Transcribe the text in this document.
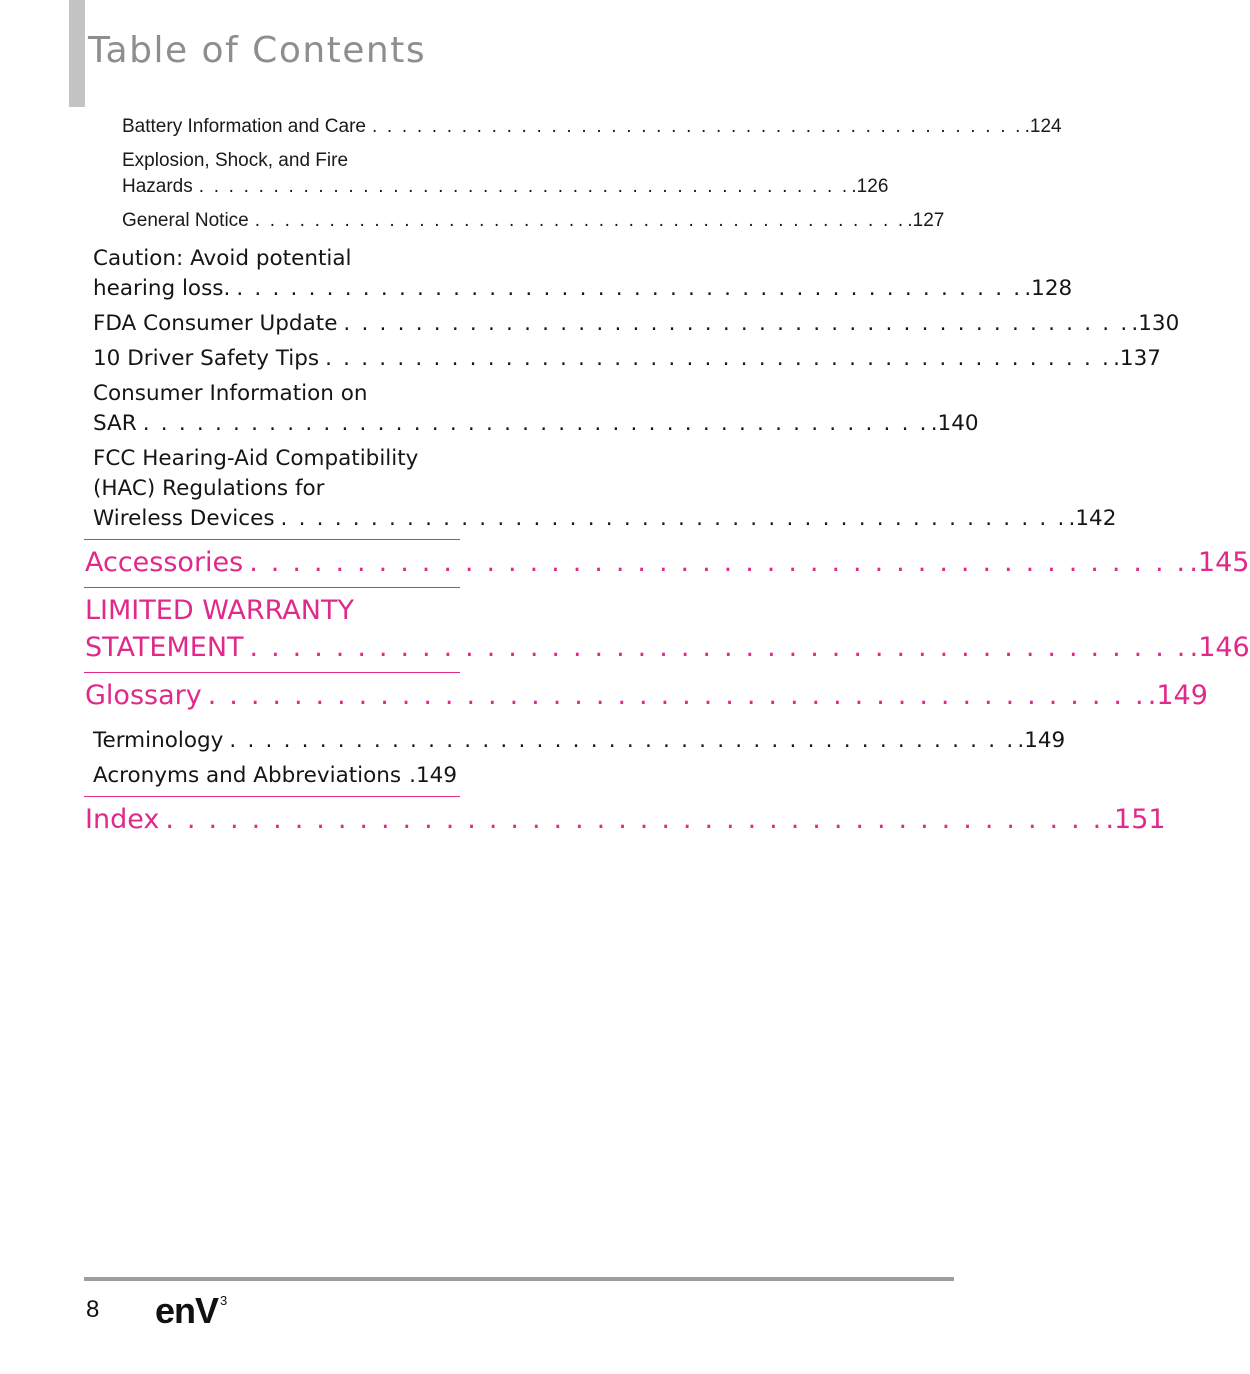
Table of Contents
Battery Information and Care . . . . . . . . . . . . . . . . . . . . . . . . . . . . . . . . . . . . . . . . . . . . .124
Explosion, Shock, and Fire
Hazards . . . . . . . . . . . . . . . . . . . . . . . . . . . . . . . . . . . . . . . . . . . . .126
General Notice . . . . . . . . . . . . . . . . . . . . . . . . . . . . . . . . . . . . . . . . . . . . .127
Caution: Avoid potential
hearing loss. . . . . . . . . . . . . . . . . . . . . . . . . . . . . . . . . . . . . . . . . . . . . .128
FDA Consumer Update . . . . . . . . . . . . . . . . . . . . . . . . . . . . . . . . . . . . . . . . . . . . .130
10 Driver Safety Tips . . . . . . . . . . . . . . . . . . . . . . . . . . . . . . . . . . . . . . . . . . . . .137
Consumer Information on
SAR . . . . . . . . . . . . . . . . . . . . . . . . . . . . . . . . . . . . . . . . . . . . .140
FCC Hearing-Aid Compatibility
(HAC) Regulations for
Wireless Devices . . . . . . . . . . . . . . . . . . . . . . . . . . . . . . . . . . . . . . . . . . . . .142
Accessories . . . . . . . . . . . . . . . . . . . . . . . . . . . . . . . . . . . . . . . . . . . . .145
LIMITED WARRANTY
STATEMENT . . . . . . . . . . . . . . . . . . . . . . . . . . . . . . . . . . . . . . . . . . . . .146
Glossary . . . . . . . . . . . . . . . . . . . . . . . . . . . . . . . . . . . . . . . . . . . . .149
Terminology . . . . . . . . . . . . . . . . . . . . . . . . . . . . . . . . . . . . . . . . . . . . .149
Acronyms and Abbreviations .149
Index . . . . . . . . . . . . . . . . . . . . . . . . . . . . . . . . . . . . . . . . . . . . .151
8 enV $^3$
